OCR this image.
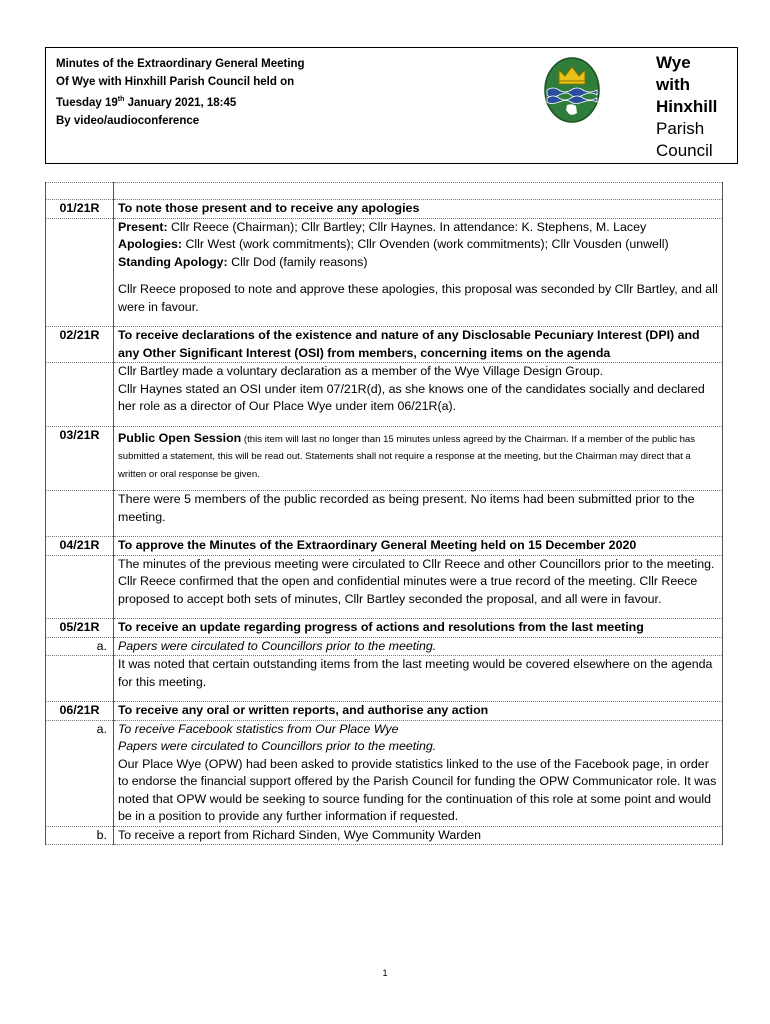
Minutes of the Extraordinary General Meeting
Of Wye with Hinxhill Parish Council held on
Tuesday 19th January 2021, 18:45
By video/audioconference
Wye
with
Hinxhill
Parish
Council

01/21R	To note those present and to receive any apologies

	Present: Cllr Reece (Chairman); Cllr Bartley; Cllr Haynes. In attendance: K. Stephens, M. Lacey
Apologies: Cllr West (work commitments); Cllr Ovenden (work commitments); Cllr Vousden (unwell)
Standing Apology: Cllr Dod (family reasons)
Cllr Reece proposed to note and approve these apologies, this proposal was seconded by Cllr Bartley, and all were in favour.

02/21R	To receive declarations of the existence and nature of any Disclosable Pecuniary Interest (DPI) and any Other Significant Interest (OSI) from members, concerning items on the agenda

	Cllr Bartley made a voluntary declaration as a member of the Wye Village Design Group.
Cllr Haynes stated an OSI under item 07/21R(d), as she knows one of the candidates socially and declared her role as a director of Our Place Wye under item 06/21R(a).

03/21R	Public Open Session (this item will last no longer than 15 minutes unless agreed by the Chairman. If a member of the public has submitted a statement, this will be read out. Statements shall not require a response at the meeting, but the Chairman may direct that a written or oral response be given.

	There were 5 members of the public recorded as being present. No items had been submitted prior to the meeting.

04/21R	To approve the Minutes of the Extraordinary General Meeting held on 15 December 2020

	The minutes of the previous meeting were circulated to Cllr Reece and other Councillors prior to the meeting. Cllr Reece confirmed that the open and confidential minutes were a true record of the meeting. Cllr Reece proposed to accept both sets of minutes, Cllr Bartley seconded the proposal, and all were in favour.

05/21R	To receive an update regarding progress of actions and resolutions from the last meeting
a.	Papers were circulated to Councillors prior to the meeting.

	It was noted that certain outstanding items from the last meeting would be covered elsewhere on the agenda for this meeting.

06/21R	To receive any oral or written reports, and authorise any action
a.	To receive Facebook statistics from Our Place Wye
Papers were circulated to Councillors prior to the meeting.
Our Place Wye (OPW) had been asked to provide statistics linked to the use of the Facebook page, in order to endorse the financial support offered by the Parish Council for funding the OPW Communicator role. It was noted that OPW would be seeking to source funding for the continuation of this role at some point and would be in a position to provide any further information if requested.

b.	To receive a report from Richard Sinden, Wye Community Warden
1
